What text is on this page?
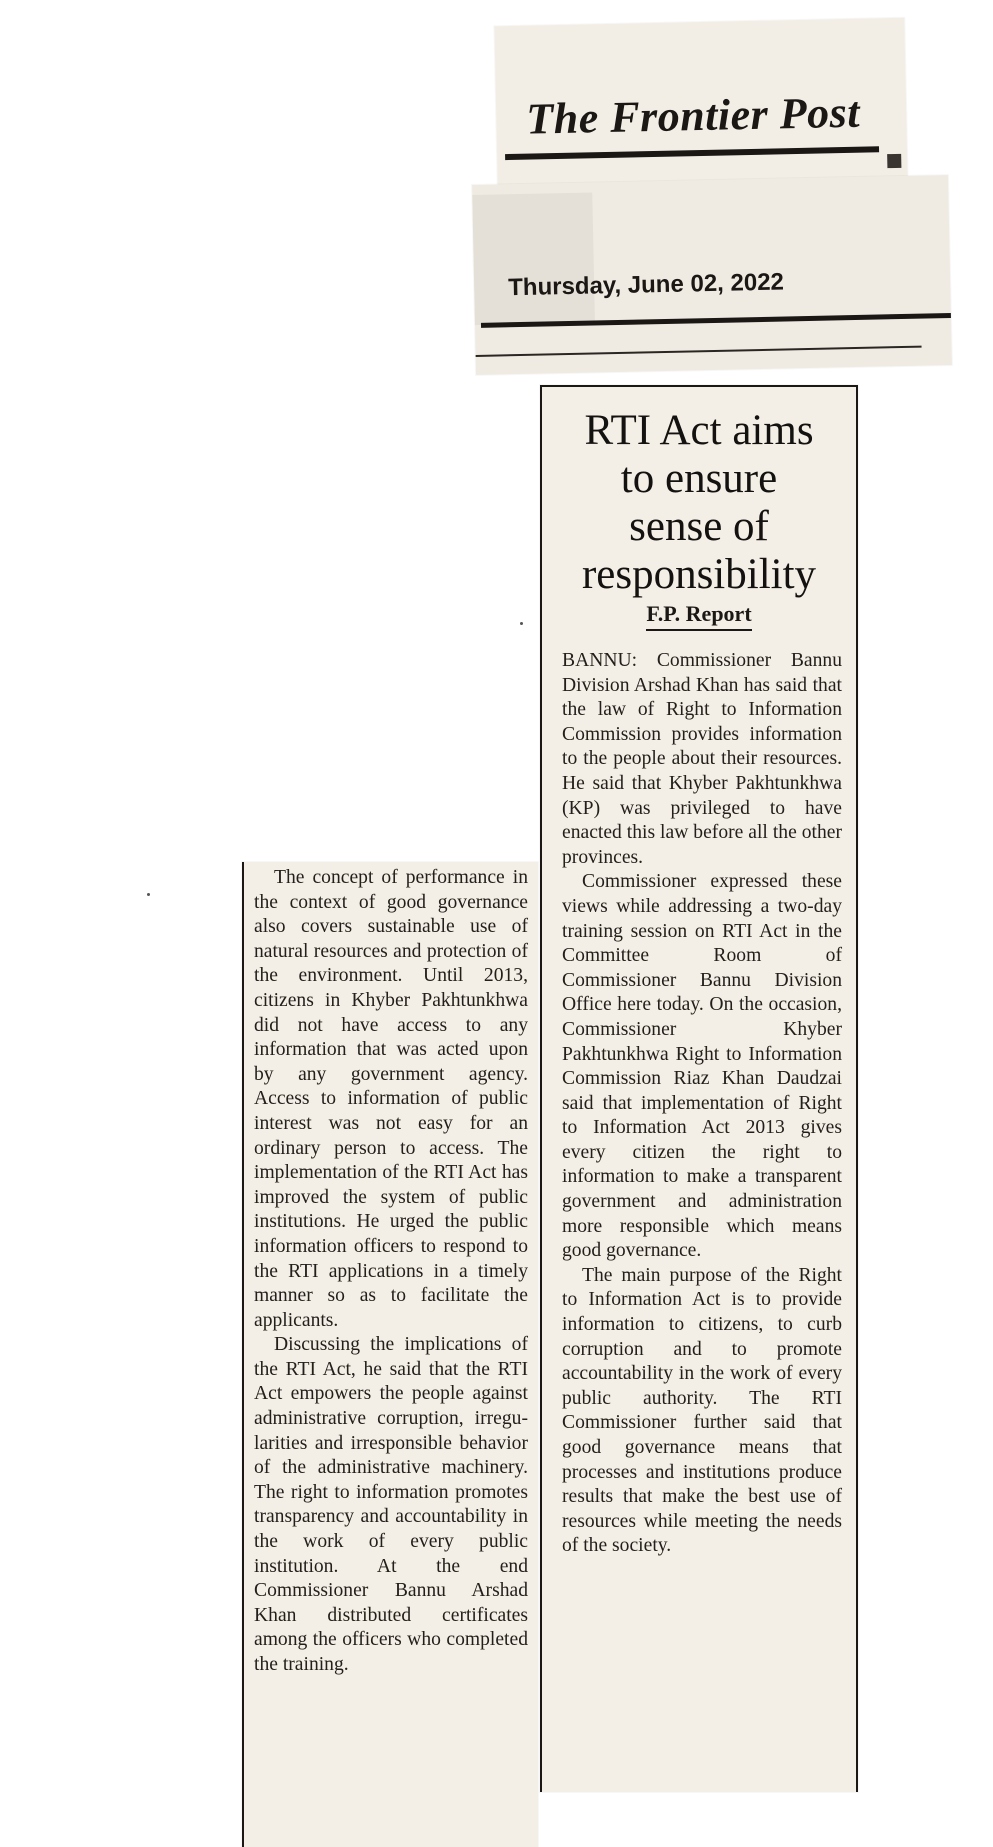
The Frontier Post
Thursday, June 02, 2022
RTI Act aims
to ensure
sense of
responsibility
F.P. Report

BANNU: Commissioner Bannu Division Arshad Khan has said that the law of Right to Information Commission provides information to the people about their resources. He said that Khyber Pakhtunkhwa (KP) was privileged to have enacted this law before all the other provinces.

Commissioner expressed these views while addressing a two-day training session on RTI Act in the Committee Room of Commissioner Bannu Division Office here today. On the occasion, Commissioner Khyber Pakhtunkhwa Right to Information Commission Riaz Khan Daudzai said that implementation of Right to Information Act 2013 gives every citizen the right to information to make a transparent government and administration more responsible which means good governance.

The main purpose of the Right to Information Act is to provide information to citizens, to curb corruption and to promote accountability in the work of every public authority. The RTI Commissioner further said that good governance means that processes and institutions produce results that make the best use of resources while meeting the needs of the society.

The concept of performance in the context of good governance also covers sustainable use of natural resources and protection of the environment. Until 2013, citizens in Khyber Pakhtunkhwa did not have access to any information that was acted upon by any government agency. Access to information of public interest was not easy for an ordinary person to access. The implementation of the RTI Act has improved the system of public institutions. He urged the public information officers to respond to the RTI applications in a timely manner so as to facilitate the applicants.

Discussing the implications of the RTI Act, he said that the RTI Act empowers the people against administrative corruption, irregularities and irresponsible behavior of the administrative machinery. The right to information promotes transparency and accountability in the work of every public institution. At the end Commissioner Bannu Arshad Khan distributed certificates among the officers who completed the training.
